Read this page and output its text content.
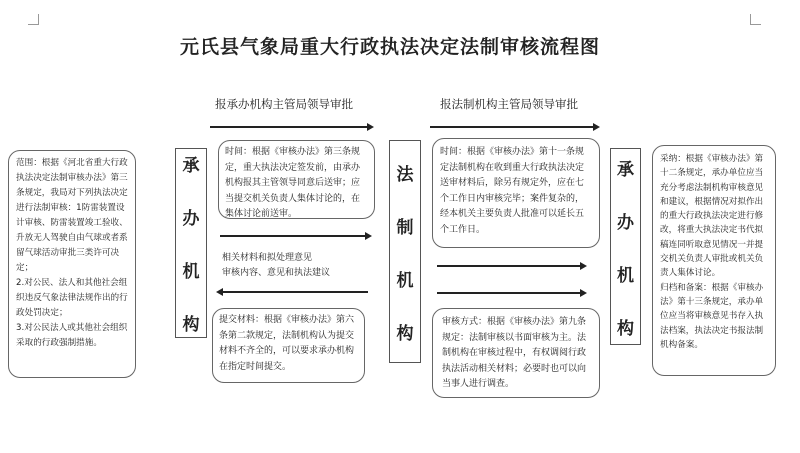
元氏县气象局重大行政执法决定法制审核流程图
报承办机构主管局领导审批	报法制机构主管局领导审批
范围：根据《河北省重大行政执法决定法制审核办法》第三条规定，我局对下列执法决定进行法制审核：1防雷装置设计审核、防雷装置竣工验收、升放无人驾驶自由气球或者系留气球活动审批三类许可决定；
2.对公民、法人和其他社会组织违反气象法律法规作出的行政处罚决定；
3.对公民法人或其他社会组织采取的行政强制措施。
承
办
机
构
时间：根据《审核办法》第三条规定，重大执法决定签发前，由承办机构报其主管领导同意后送审；应当提交机关负责人集体讨论的，在集体讨论前送审。
相关材料和拟处理意见
审核内容、意见和执法建议
提交材料：根据《审核办法》第六条第二款规定，法制机构认为提交材料不齐全的，可以要求承办机构在指定时间提交。
法
制
机
构
时间：根据《审核办法》第十一条规定法制机构在收到重大行政执法决定送审材料后，除另有规定外，应在七个工作日内审核完毕；案件复杂的，经本机关主要负责人批准可以延长五个工作日。
审核方式：根据《审核办法》第九条规定：法制审核以书面审核为主。法制机构在审核过程中，有权调阅行政执法活动相关材料；必要时也可以向当事人进行调查。
承
办
机
构
采纳：根据《审核办法》第十二条规定，承办单位应当充分考虑法制机构审核意见和建议，根据情况对拟作出的重大行政执法决定进行修改，将重大执法决定书代拟稿连同听取意见情况一并提交机关负责人审批或机关负责人集体讨论。
归档和备案：根据《审核办法》第十三条规定，承办单位应当将审核意见书存入执法档案，执法决定书报法制机构备案。
